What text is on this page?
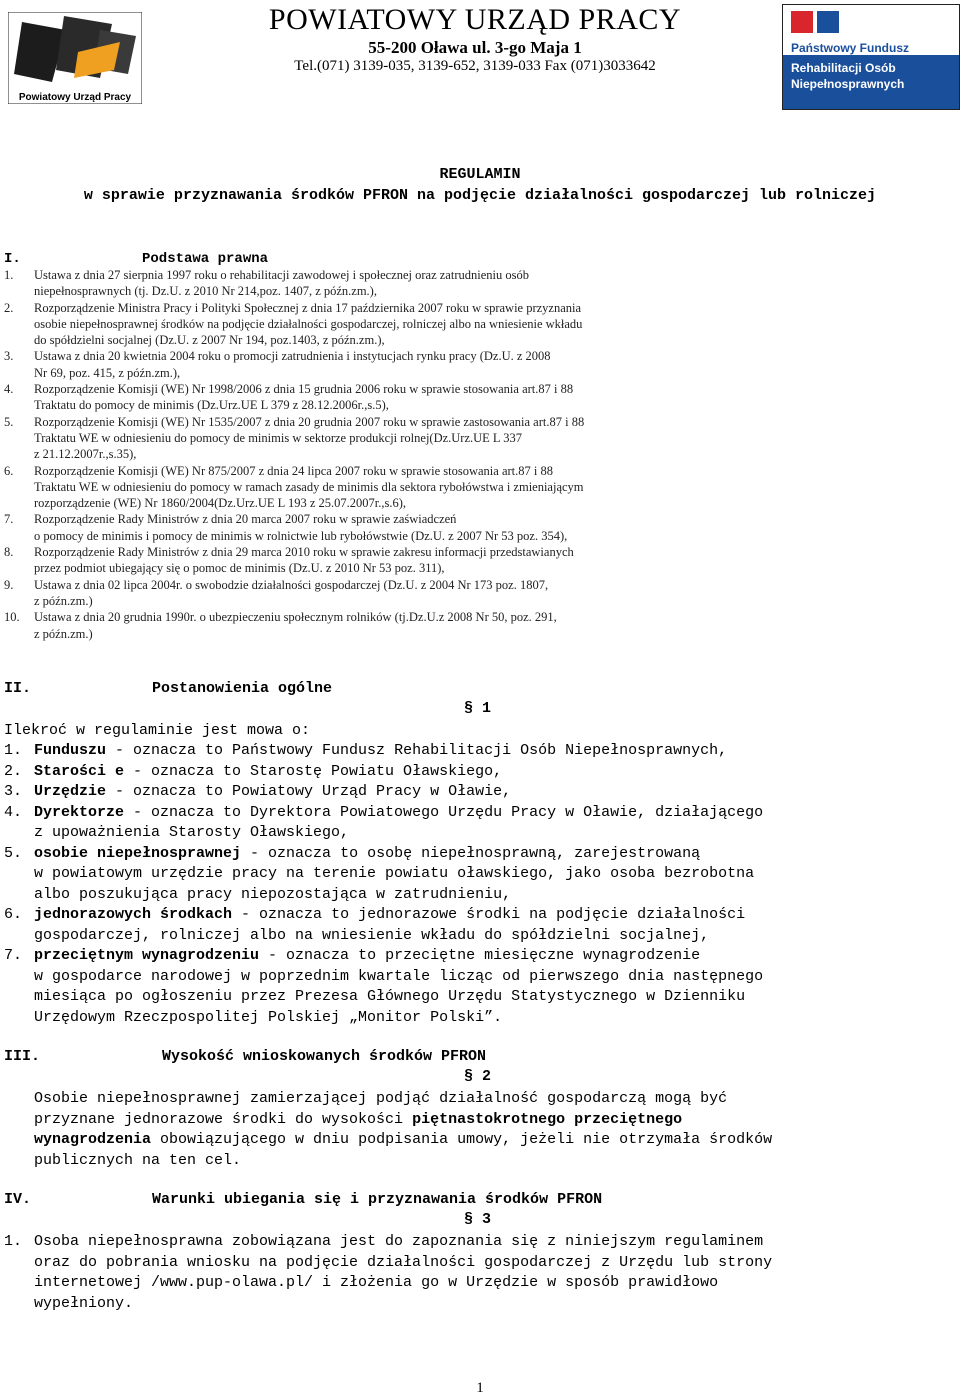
Powiatowy Urząd Pracy
POWIATOWY URZĄD PRACY
55-200 Oława ul. 3-go Maja 1
Tel.(071) 3139-035, 3139-652, 3139-033 Fax (071)3033642
Państwowy Fundusz
Rehabilitacji Osób
Niepełnosprawnych
REGULAMIN
w sprawie przyznawania środków PFRON na podjęcie działalności gospodarczej lub rolniczej
I.	Podstawa prawna
1. Ustawa z dnia 27 sierpnia 1997 roku o rehabilitacji zawodowej i społecznej oraz zatrudnieniu osób
niepełnosprawnych (tj. Dz.U. z 2010 Nr 214,poz. 1407, z późn.zm.),
2. Rozporządzenie Ministra Pracy i Polityki Społecznej z dnia 17 października 2007 roku w sprawie przyznania
osobie niepełnosprawnej środków na podjęcie działalności gospodarczej, rolniczej albo na wniesienie wkładu
do spółdzielni socjalnej (Dz.U. z 2007 Nr 194, poz.1403, z późn.zm.),
3. Ustawa z dnia 20 kwietnia 2004 roku o promocji zatrudnienia i instytucjach rynku pracy (Dz.U. z 2008
Nr 69, poz. 415, z późn.zm.),
4. Rozporządzenie Komisji (WE) Nr 1998/2006 z dnia 15 grudnia 2006 roku w sprawie stosowania art.87 i 88
Traktatu do pomocy de minimis (Dz.Urz.UE L 379 z 28.12.2006r.,s.5),
5. Rozporządzenie Komisji (WE) Nr 1535/2007 z dnia 20 grudnia 2007 roku w sprawie zastosowania art.87 i 88
Traktatu WE w odniesieniu do pomocy de minimis w sektorze produkcji rolnej(Dz.Urz.UE L 337
z 21.12.2007r.,s.35),
6. Rozporządzenie Komisji (WE) Nr 875/2007 z dnia 24 lipca 2007 roku w sprawie stosowania art.87 i 88
Traktatu WE w odniesieniu do pomocy w ramach zasady de minimis dla sektora rybołówstwa i zmieniającym
rozporządzenie (WE) Nr 1860/2004(Dz.Urz.UE L 193 z 25.07.2007r.,s.6),
7. Rozporządzenie Rady Ministrów z dnia 20 marca 2007 roku w sprawie zaświadczeń
o pomocy de minimis i pomocy de minimis w rolnictwie lub rybołówstwie (Dz.U. z 2007 Nr 53 poz. 354),
8. Rozporządzenie Rady Ministrów z dnia 29 marca 2010 roku w sprawie zakresu informacji przedstawianych
przez podmiot ubiegający się o pomoc de minimis (Dz.U. z 2010 Nr 53 poz. 311),
9. Ustawa z dnia 02 lipca 2004r. o swobodzie działalności gospodarczej (Dz.U. z 2004 Nr 173 poz. 1807,
z późn.zm.)
10. Ustawa z dnia 20 grudnia 1990r. o ubezpieczeniu społecznym rolników (tj.Dz.U.z 2008 Nr 50, poz. 291,
z późn.zm.)
II.	Postanowienia ogólne
§ 1
Ilekroć w regulaminie jest mowa o:
1. Funduszu - oznacza to Państwowy Fundusz Rehabilitacji Osób Niepełnosprawnych,
2. Starości e - oznacza to Starostę Powiatu Oławskiego,
3. Urzędzie - oznacza to Powiatowy Urząd Pracy w Oławie,
4. Dyrektorze - oznacza to Dyrektora Powiatowego Urzędu Pracy w Oławie, działającego
z upoważnienia Starosty Oławskiego,
5. osobie niepełnosprawnej - oznacza to osobę niepełnosprawną, zarejestrowaną
w powiatowym urzędzie pracy na terenie powiatu oławskiego, jako osoba bezrobotna
albo poszukująca pracy niepozostająca w zatrudnieniu,
6. jednorazowych środkach - oznacza to jednorazowe środki na podjęcie działalności
gospodarczej, rolniczej albo na wniesienie wkładu do spółdzielni socjalnej,
7. przeciętnym wynagrodzeniu - oznacza to przeciętne miesięczne wynagrodzenie
w gospodarce narodowej w poprzednim kwartale licząc od pierwszego dnia następnego
miesiąca po ogłoszeniu przez Prezesa Głównego Urzędu Statystycznego w Dzienniku
Urzędowym Rzeczpospolitej Polskiej „Monitor Polski”.
III.	Wysokość wnioskowanych środków PFRON
§ 2
Osobie niepełnosprawnej zamierzającej podjąć działalność gospodarczą mogą być
przyznane jednorazowe środki do wysokości piętnastokrotnego przeciętnego
wynagrodzenia obowiązującego w dniu podpisania umowy, jeżeli nie otrzymała środków
publicznych na ten cel.
IV.	Warunki ubiegania się i przyznawania środków PFRON
§ 3
1. Osoba niepełnosprawna zobowiązana jest do zapoznania się z niniejszym regulaminem
oraz do pobrania wniosku na podjęcie działalności gospodarczej z Urzędu lub strony
internetowej /www.pup-olawa.pl/ i złożenia go w Urzędzie w sposób prawidłowo
wypełniony.
1
